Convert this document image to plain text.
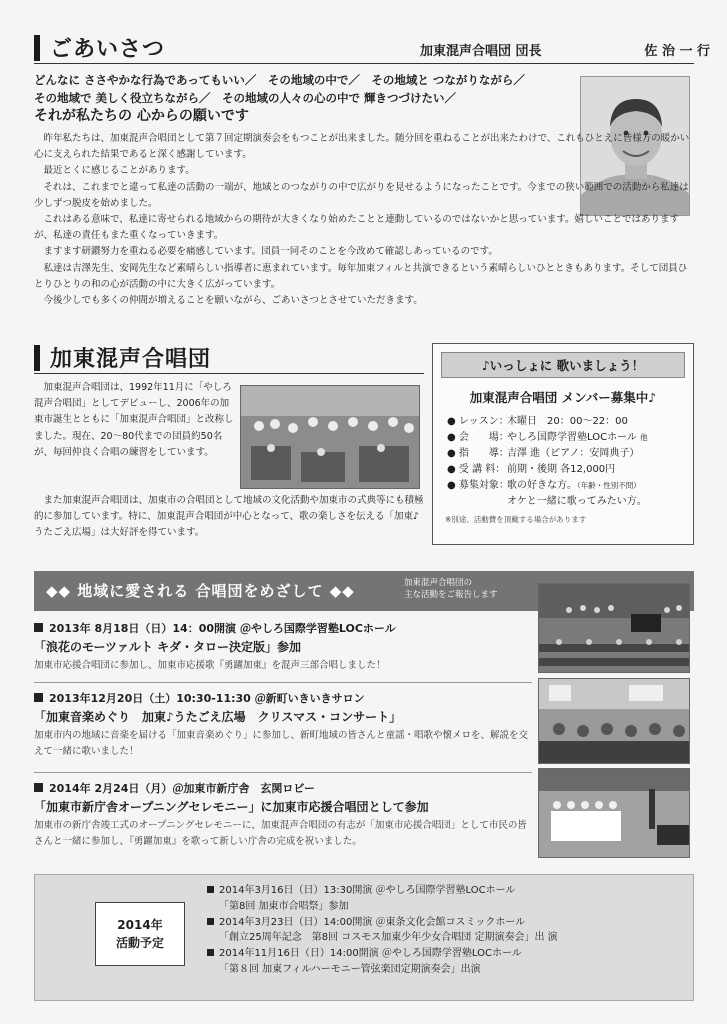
ごあいさつ	加東混声合唱団 団長	佐 治 一 行
どんなに ささやかな行為であってもいい／　その地域の中で／　その地域と つながりながら／
その地域で 美しく役立ちながら／　その地域の人々の心の中で 輝きつづけたい／
それが私たちの 心からの願いです

昨年私たちは、加東混声合唱団として第７回定期演奏会をもつことが出来ました。随分回を重ねることが出来たわけで、これもひとえに皆様方の暖かい心に支えられた結果であると深く感謝しています。

最近とくに感じることがあります。

それは、これまでと違って私達の活動の一端が、地域とのつながりの中で広がりを見せるようになったことです。今までの狭い範囲での活動から私達は少しずつ脱皮を始めました。

これはある意味で、私達に寄せられる地域からの期待が大きくなり始めたことと連動しているのではないかと思っています。嬉しいことではありますが、私達の責任もまた重くなっていきます。

ますます研鑚努力を重ねる必要を痛感しています。団員一同そのことを今改めて確認しあっているのです。

私達は吉澤先生、安岡先生など素晴らしい指導者に恵まれています。毎年加東フィルと共演できるという素晴らしいひとときもあります。そして団員ひとりひとりの和の心が活動の中に大きく広がっています。

今後少しでも多くの仲間が増えることを願いながら、ごあいさつとさせていただきます。

加東混声合唱団

加東混声合唱団は、1992年11月に「やしろ混声合唱団」としてデビューし、2006年の加東市誕生とともに「加東混声合唱団」と改称しました。現在、20～80代までの団員約50名が、毎回仲良く合唱の練習をしています。

また加東混声合唱団は、加東市の合唱団として地域の文化活動や加東市の式典等にも積極的に参加しています。特に、加東混声合唱団が中心となって、歌の楽しさを伝える「加東♪うたごえ広場」は大好評を得ています。

♪いっしょに 歌いましょう！
加東混声合唱団 メンバー募集中♪
● レッスン：
木曜日　20：00～22：00
● 会　　場：
やしろ国際学習塾LOCホール 他
● 指　　導：
吉澤 進（ピアノ：安岡典子）
● 受 講 料： 前期・後期 各12,000円
● 募集対象：
歌の好きな方。（年齢・性別不問）
オケと一緒に歌ってみたい方。
※別途、活動費を頂戴する場合があります
◆◆ 地域に愛される 合唱団をめざして ◆◆	加東混声合唱団の
主な活動をご報告します
2013年 8月18日（日）14：00開演 ＠やしろ国際学習塾LOCホール
「浪花のモーツァルト キダ・タロー決定版」参加
加東市応援合唱団に参加し、加東市応援歌『勇躍加東』を混声三部合唱しました！
2013年12月20日（土）10:30-11:30 ＠新町いきいきサロン
「加東音楽めぐり　加東♪うたごえ広場　クリスマス・コンサート」
加東市内の地域に音楽を届ける「加東音楽めぐり」に参加し、新町地域の皆さんと童謡・唱歌や懐メロを、解説を交えて一緒に歌いました！
2014年 2月24日（月）＠加東市新庁舎　玄関ロビー
「加東市新庁舎オープニングセレモニー」に加東市応援合唱団として参加
加東市の新庁舎竣工式のオープニングセレモニーに、加東混声合唱団の有志が「加東市応援合唱団」として市民の皆さんと一緒に参加し、『勇躍加東』を歌って新しい庁舎の完成を祝いました。
2014年
活動予定
2014年3月16日（日）13:30開演 ＠やしろ国際学習塾LOCホール
「第8回 加東市合唱祭」参加
2014年3月23日（日）14:00開演 ＠東条文化会館コスミックホール
「創立25周年記念　第8回 コスモス加東少年少女合唱団 定期演奏会」出 演
2014年11月16日（日）14:00開演 ＠やしろ国際学習塾LOCホール
「第８回 加東フィルハーモニー管弦楽団定期演奏会」出演
